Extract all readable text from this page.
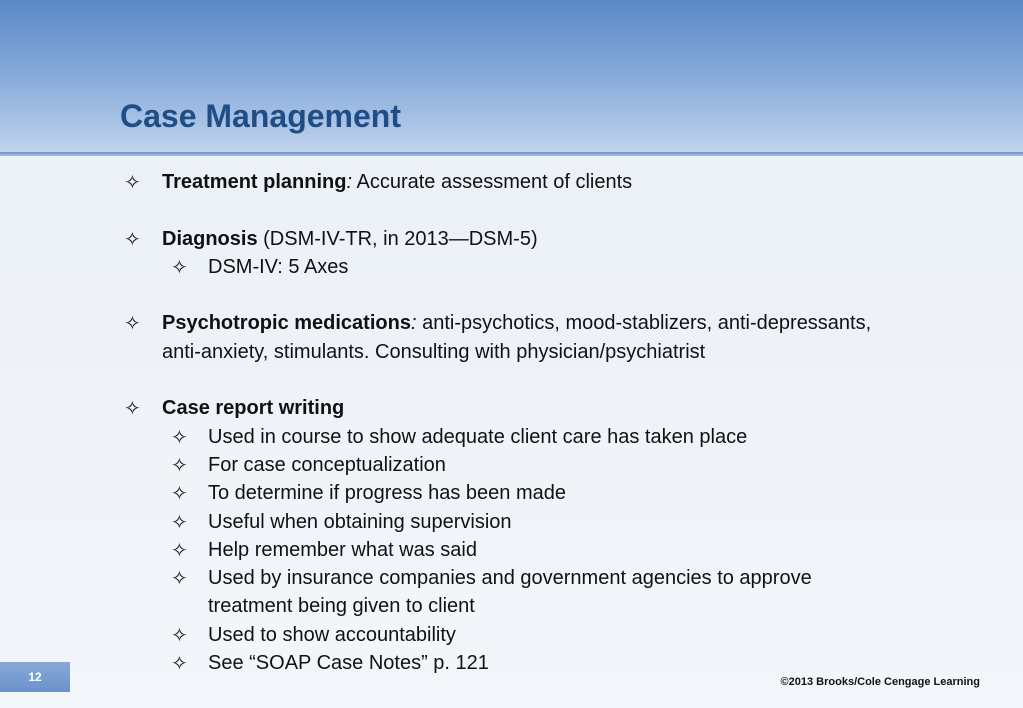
Case Management

✧ Treatment planning: Accurate assessment of clients

✧ Diagnosis (DSM-IV-TR, in 2013—DSM-5)

✧ DSM-IV: 5 Axes

✧ Psychotropic medications: anti-psychotics, mood-stablizers, anti-depressants, anti-anxiety, stimulants. Consulting with physician/psychiatrist

✧ Case report writing

✧ Used in course to show adequate client care has taken place

✧ For case conceptualization

✧ To determine if progress has been made

✧ Useful when obtaining supervision

✧ Help remember what was said

✧ Used by insurance companies and government agencies to approve treatment being given to client

✧ Used to show accountability

✧ See “SOAP Case Notes” p. 121

12	©2013 Brooks/Cole Cengage Learning
